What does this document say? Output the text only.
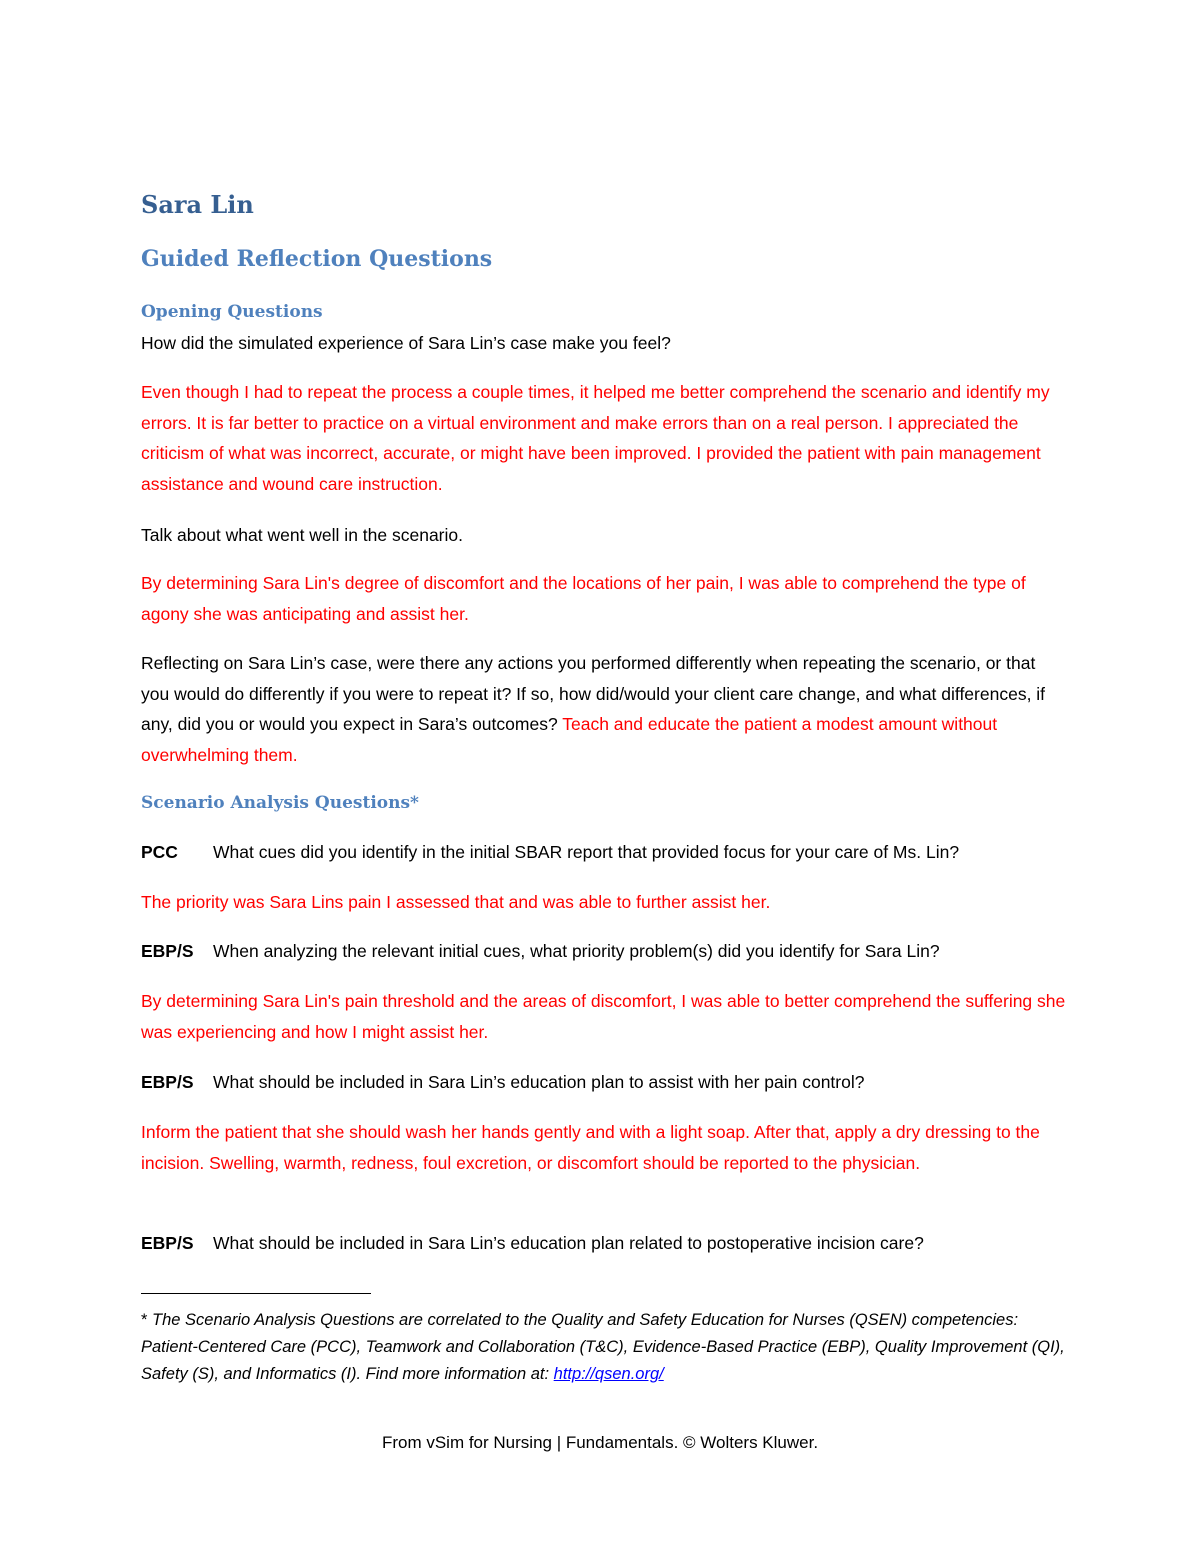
Sara Lin
Guided Reflection Questions
Opening Questions
How did the simulated experience of Sara Lin’s case make you feel?
Even though I had to repeat the process a couple times, it helped me better comprehend the scenario and identify my errors. It is far better to practice on a virtual environment and make errors than on a real person. I appreciated the criticism of what was incorrect, accurate, or might have been improved. I provided the patient with pain management assistance and wound care instruction.
Talk about what went well in the scenario.
By determining Sara Lin's degree of discomfort and the locations of her pain, I was able to comprehend the type of agony she was anticipating and assist her.
Reflecting on Sara Lin’s case, were there any actions you performed differently when repeating the scenario, or that you would do differently if you were to repeat it? If so, how did/would your client care change, and what differences, if any, did you or would you expect in Sara’s outcomes? Teach and educate the patient a modest amount without overwhelming them.
Scenario Analysis Questions*
PCC What cues did you identify in the initial SBAR report that provided focus for your care of Ms. Lin?
The priority was Sara Lins pain I assessed that and was able to further assist her.
EBP/S When analyzing the relevant initial cues, what priority problem(s) did you identify for Sara Lin?
By determining Sara Lin's pain threshold and the areas of discomfort, I was able to better comprehend the suffering she was experiencing and how I might assist her.
EBP/S What should be included in Sara Lin’s education plan to assist with her pain control?
Inform the patient that she should wash her hands gently and with a light soap. After that, apply a dry dressing to the incision. Swelling, warmth, redness, foul excretion, or discomfort should be reported to the physician.
EBP/S What should be included in Sara Lin’s education plan related to postoperative incision care?
* The Scenario Analysis Questions are correlated to the Quality and Safety Education for Nurses (QSEN) competencies: Patient-Centered Care (PCC), Teamwork and Collaboration (T&C), Evidence-Based Practice (EBP), Quality Improvement (QI), Safety (S), and Informatics (I). Find more information at: http://qsen.org/
From vSim for Nursing | Fundamentals. © Wolters Kluwer.
